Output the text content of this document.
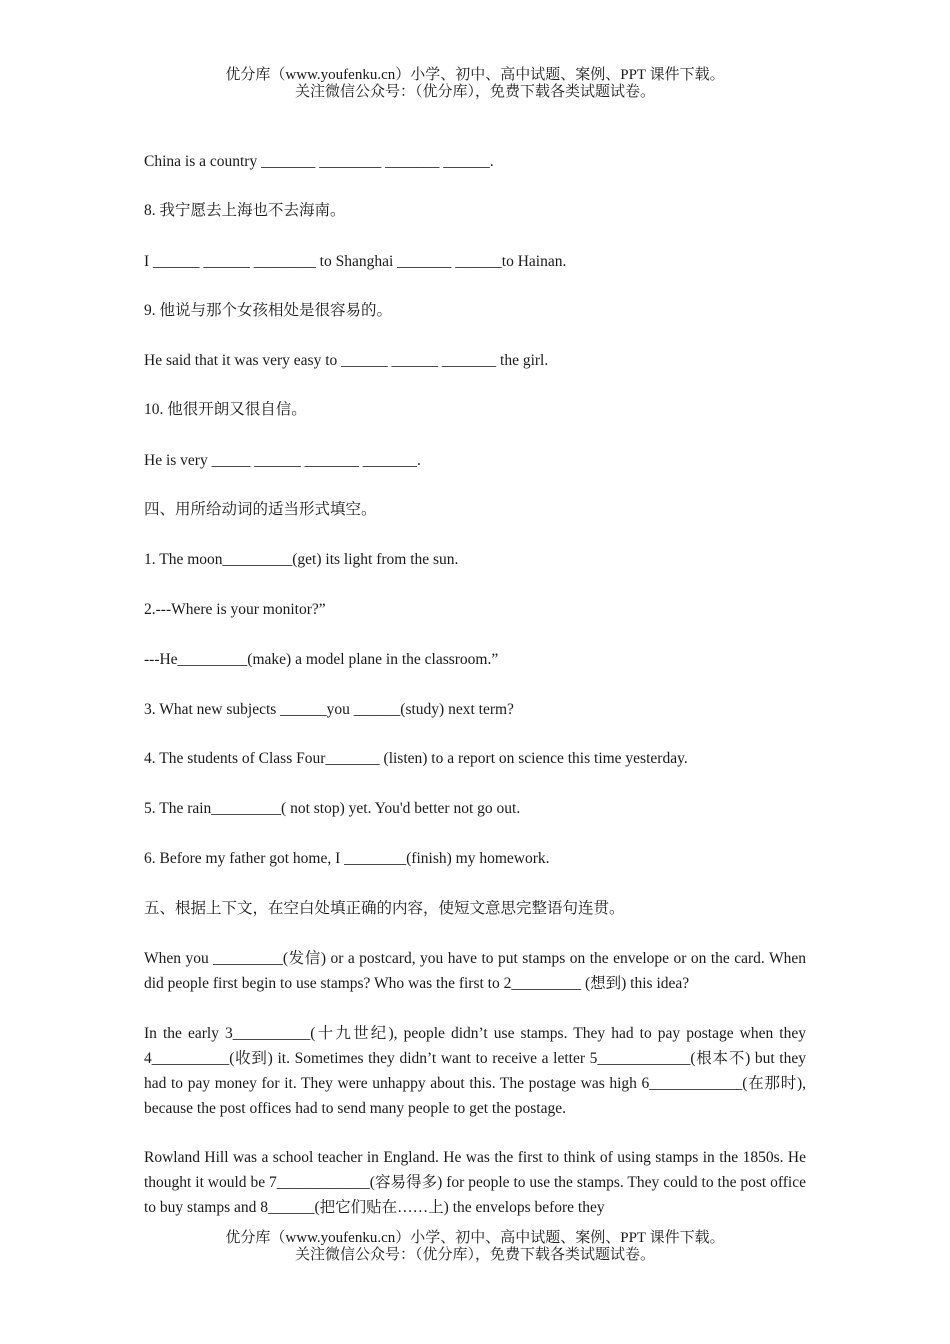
优分库（www.youfenku.cn）小学、初中、高中试题、案例、PPT 课件下载。
关注微信公众号：（优分库），免费下载各类试题试卷。
China is a country _______ ________ _______ ______.
8. 我宁愿去上海也不去海南。
I ______ ______ ________ to Shanghai _______ ______to Hainan.
9. 他说与那个女孩相处是很容易的。
He said that it was very easy to ______ ______ _______ the girl.
10. 他很开朗又很自信。
He is very _____ ______ _______ _______.
四、用所给动词的适当形式填空。
1. The moon_________(get) its light from the sun.
2.---Where is your monitor?”
---He_________(make) a model plane in the classroom.”
3. What new subjects ______you ______(study) next term?
4. The students of Class Four_______ (listen) to a report on science this time yesterday.
5. The rain_________( not stop) yet. You'd better not go out.
6. Before my father got home, I ________(finish) my homework.
五、根据上下文，在空白处填正确的内容，使短文意思完整语句连贯。
When you _________(发信) or a postcard, you have to put stamps on the envelope or on the card. When did people first begin to use stamps? Who was the first to 2_________ (想到) this idea?
In the early 3__________(十九世纪), people didn’t use stamps. They had to pay postage when they 4__________(收到) it. Sometimes they didn’t want to receive a letter 5____________(根本不) but they had to pay money for it. They were unhappy about this. The postage was high 6____________(在那时), because the post offices had to send many people to get the postage.
Rowland Hill was a school teacher in England. He was the first to think of using stamps in the 1850s. He thought it would be 7____________(容易得多) for people to use the stamps. They could to the post office to buy stamps and 8______(把它们贴在……上) the envelops before they
优分库（www.youfenku.cn）小学、初中、高中试题、案例、PPT 课件下载。
关注微信公众号：（优分库），免费下载各类试题试卷。
